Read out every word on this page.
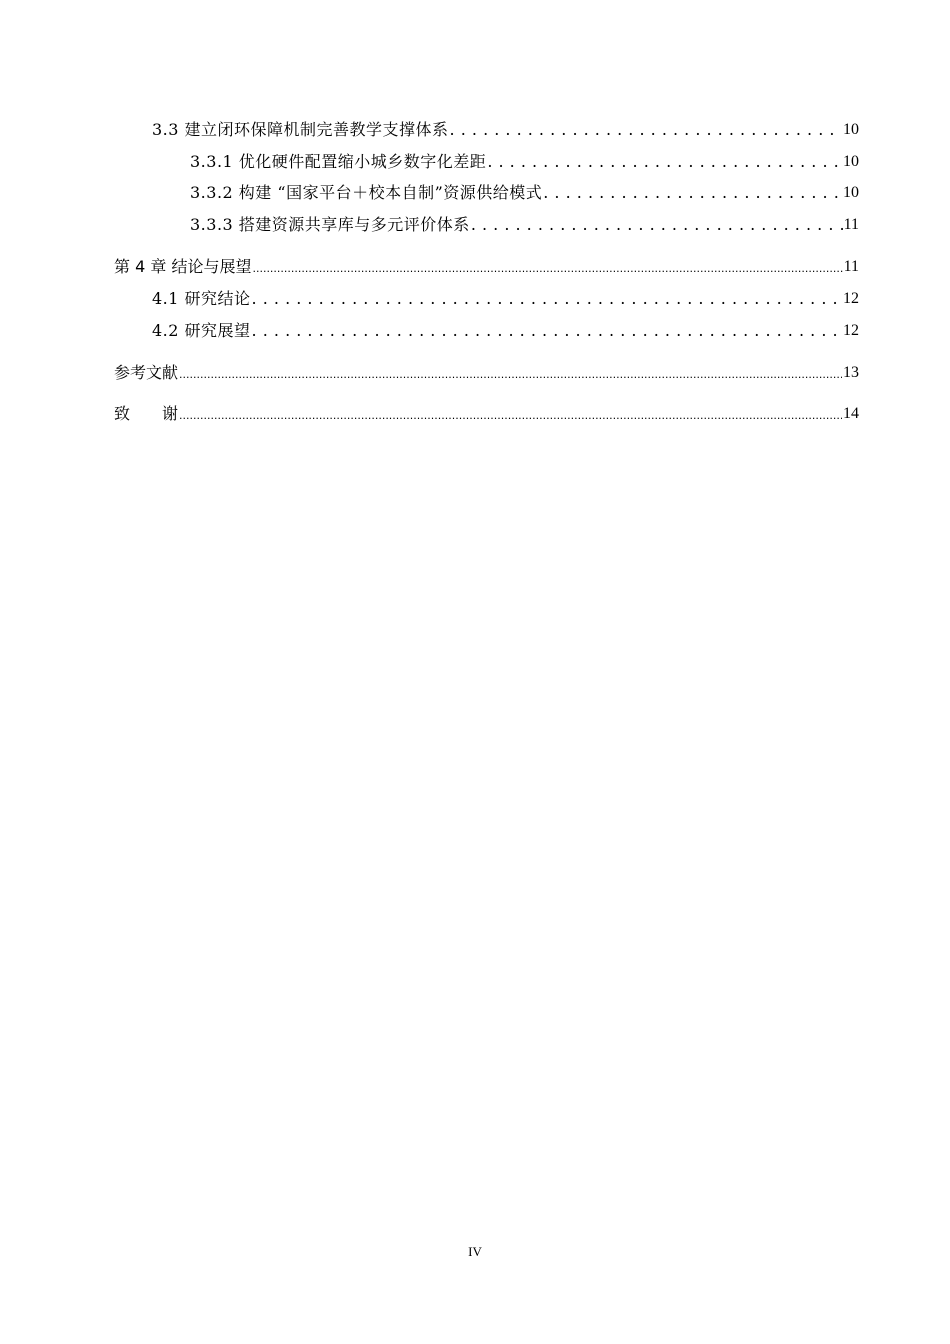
3.3 建立闭环保障机制完善教学支撑体系 . . .	10
3.3.1 优化硬件配置缩小城乡数字化差距 . . .	10
3.3.2 构建 “国家平台＋校本自制”资源供给模式 . . .	10
3.3.3 搭建资源共享库与多元评价体系 . . .	11
第 4 章 结论与展望 .....	11
4.1 研究结论 . . .	12
4.2 研究展望 . . .	12
参考文献 .....	13
致　　谢 .....	14
IV
